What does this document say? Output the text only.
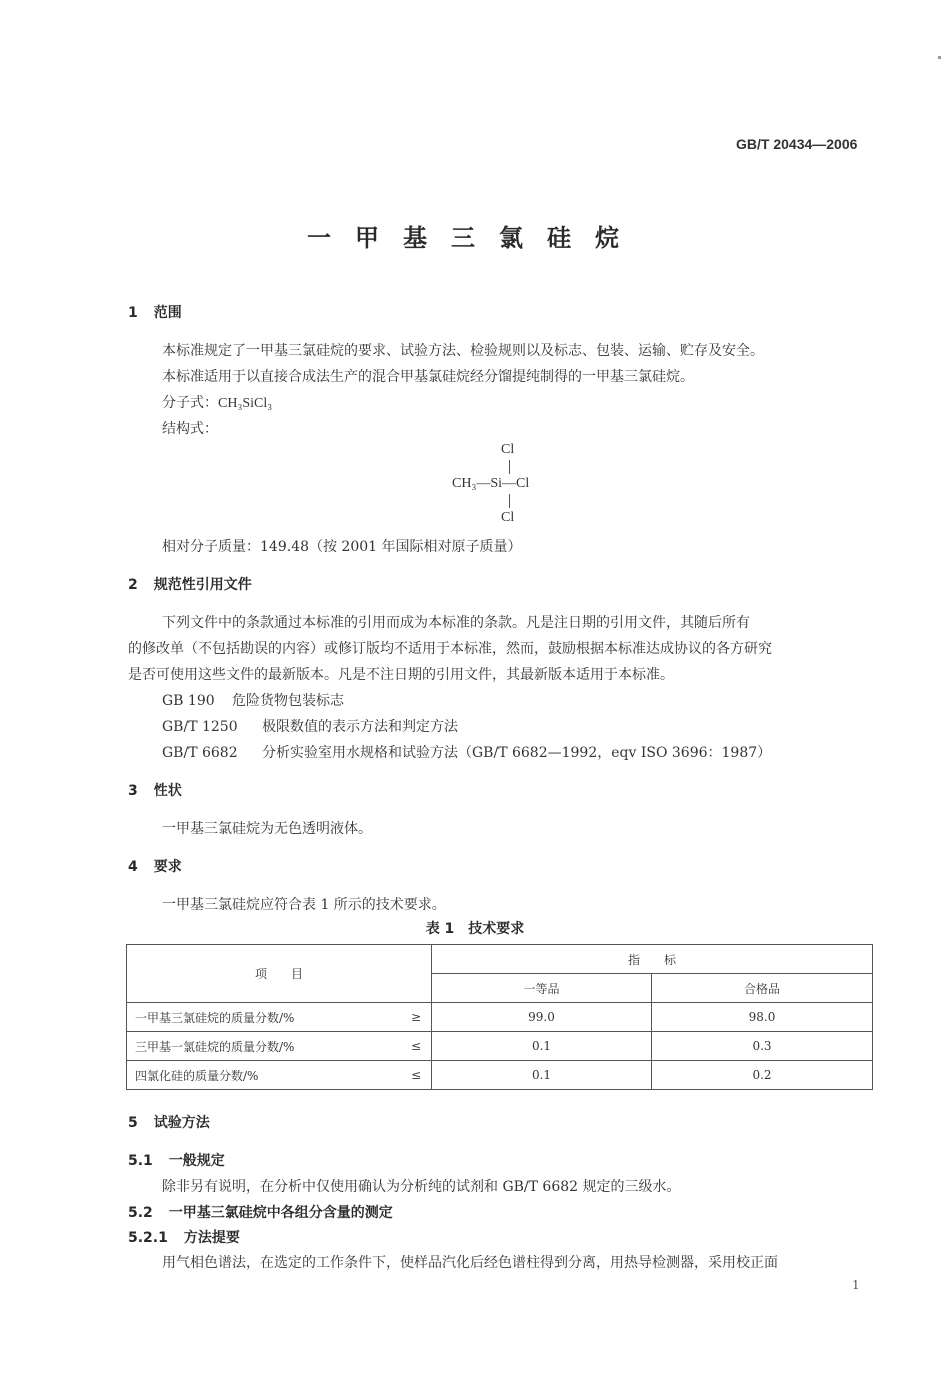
GB/T 20434—2006
一甲基三氯硅烷
1 范围
本标准规定了一甲基三氯硅烷的要求、试验方法、检验规则以及标志、包装、运输、贮存及安全。
本标准适用于以直接合成法生产的混合甲基氯硅烷经分馏提纯制得的一甲基三氯硅烷。
分子式：CH₃SiCl₃
结构式：
Cl
CH₃—Si—Cl
Cl
相对分子质量：149.48（按 2001 年国际相对原子质量）
2 规范性引用文件
下列文件中的条款通过本标准的引用而成为本标准的条款。凡是注日期的引用文件，其随后所有
的修改单（不包括勘误的内容）或修订版均不适用于本标准，然而，鼓励根据本标准达成协议的各方研究
是否可使用这些文件的最新版本。凡是不注日期的引用文件，其最新版本适用于本标准。
GB 190 危险货物包装标志
GB/T 1250 极限数值的表示方法和判定方法
GB/T 6682 分析实验室用水规格和试验方法（GB/T 6682—1992，eqv ISO 3696：1987）
3 性状
一甲基三氯硅烷为无色透明液体。
4 要求
一甲基三氯硅烷应符合表 1 所示的技术要求。
表 1　技术要求
项　　目		指　　标	
		一等品	合格品
一甲基三氯硅烷的质量分数/%	≥	99.0	98.0
三甲基一氯硅烷的质量分数/%	≤	0.1	0.3
四氯化硅的质量分数/%	≤	0.1	0.2
5 试验方法
5.1 一般规定
除非另有说明，在分析中仅使用确认为分析纯的试剂和 GB/T 6682 规定的三级水。
5.2 一甲基三氯硅烷中各组分含量的测定
5.2.1 方法提要
用气相色谱法，在选定的工作条件下，使样品汽化后经色谱柱得到分离，用热导检测器，采用校正面
1
